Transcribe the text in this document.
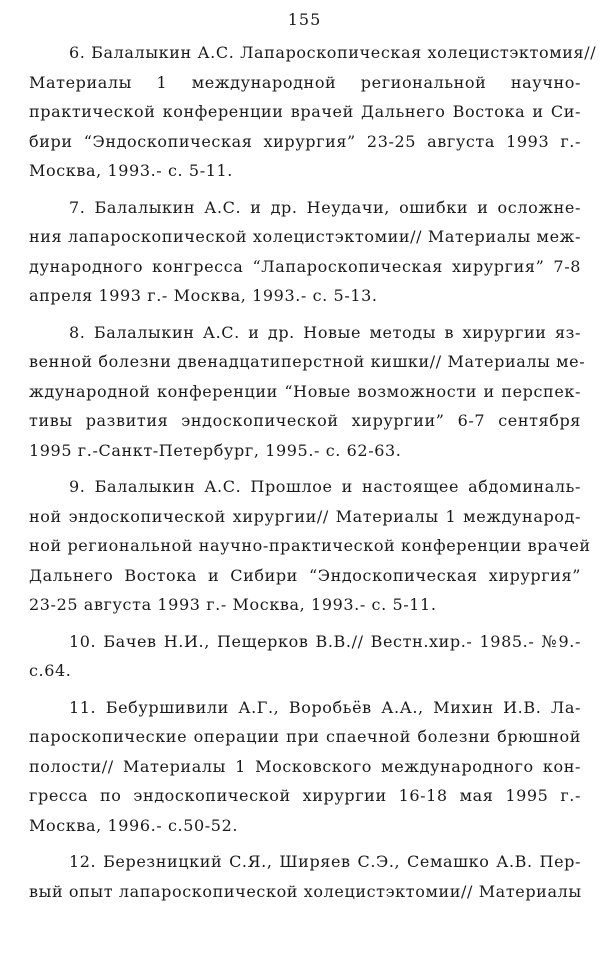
155
6. Балалыкин А.С. Лапароскопическая холецистэктомия//
Материалы 1 международной региональной научно-
практической конференции врачей Дальнего Востока и Си-
бири “Эндоскопическая хирургия” 23-25 августа 1993 г.-
Москва, 1993.- с. 5-11.
7. Балалыкин А.С. и др. Неудачи, ошибки и осложне-
ния лапароскопической холецистэктомии// Материалы меж-
дународного конгресса “Лапароскопическая хирургия” 7-8
апреля 1993 г.- Москва, 1993.- с. 5-13.
8. Балалыкин А.С. и др. Новые методы в хирургии яз-
венной болезни двенадцатиперстной кишки// Материалы ме-
ждународной конференции “Новые возможности и перспек-
тивы развития эндоскопической хирургии” 6-7 сентября
1995 г.-Санкт-Петербург, 1995.- с. 62-63.
9. Балалыкин А.С. Прошлое и настоящее абдоминаль-
ной эндоскопической хирургии// Материалы 1 международ-
ной региональной научно-практической конференции врачей
Дальнего Востока и Сибири “Эндоскопическая хирургия”
23-25 августа 1993 г.- Москва, 1993.- с. 5-11.
10. Бачев Н.И., Пещерков В.В.// Вестн.хир.- 1985.- №9.-
с.64.
11. Бебуршивили А.Г., Воробьёв А.А., Михин И.В. Ла-
пароскопические операции при спаечной болезни брюшной
полости// Материалы 1 Московского международного кон-
гресса по эндоскопической хирургии 16-18 мая 1995 г.-
Москва, 1996.- с.50-52.
12. Березницкий С.Я., Ширяев С.Э., Семашко А.В. Пер-
вый опыт лапароскопической холецистэктомии// Материалы
